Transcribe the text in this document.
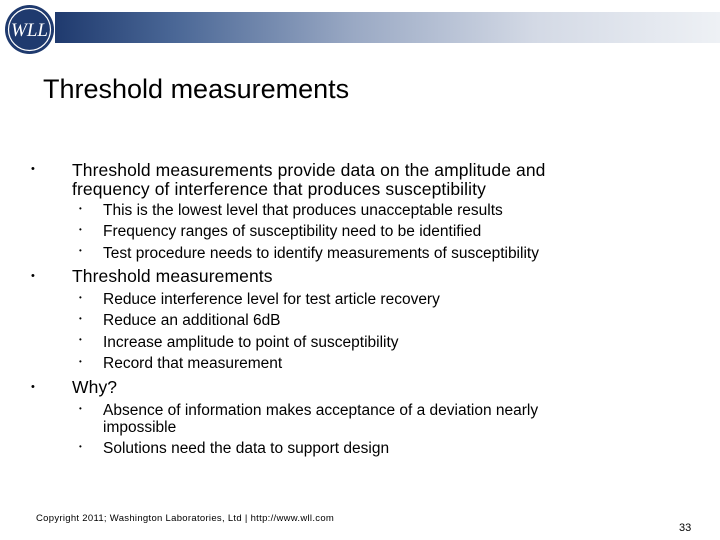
WLL
Threshold measurements
• Threshold measurements provide data on the amplitude and
frequency of interference that produces susceptibility
• This is the lowest level that produces unacceptable results
• Frequency ranges of susceptibility need to be identified
• Test procedure needs to identify measurements of susceptibility
• Threshold measurements
• Reduce interference level for test article recovery
• Reduce an additional 6dB
• Increase amplitude to point of susceptibility
• Record that measurement
• Why?
• Absence of information makes acceptance of a deviation nearly
impossible
• Solutions need the data to support design
Copyright 2011; Washington Laboratories, Ltd | http://www.wll.com
33
